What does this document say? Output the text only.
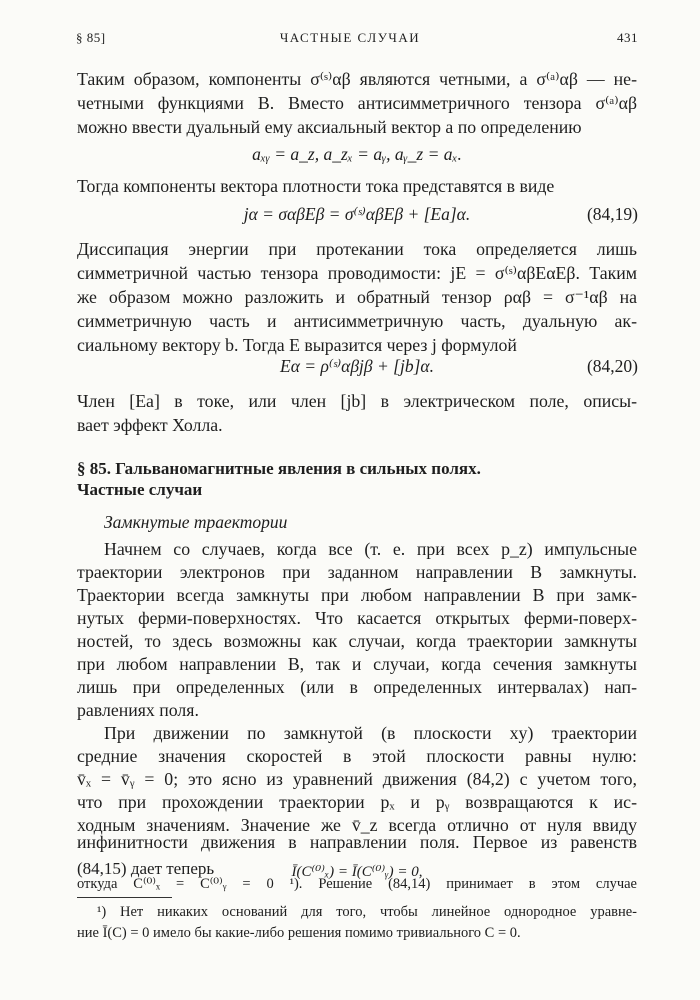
§ 85]	ЧАСТНЫЕ СЛУЧАИ	431
Таким образом, компоненты σ⁽ˢ⁾αβ являются четными, а σ⁽ᵃ⁾αβ — не-
четными функциями B. Вместо антисимметричного тензора σ⁽ᵃ⁾αβ
можно ввести дуальный ему аксиальный вектор a по определению
aₓᵧ = a_z, a_zₓ = aᵧ, aᵧ_z = aₓ.
Тогда компоненты вектора плотности тока представятся в виде
jα = σαβEβ = σ⁽ˢ⁾αβEβ + [Ea]α.	(84,19)
Диссипация энергии при протекании тока определяется лишь
симметричной частью тензора проводимости: jE = σ⁽ˢ⁾αβEαEβ. Таким
же образом можно разложить и обратный тензор ραβ = σ⁻¹αβ на
симметричную часть и антисимметричную часть, дуальную ак-
сиальному вектору b. Тогда E выразится через j формулой
Eα = ρ⁽ˢ⁾αβjβ + [jb]α.	(84,20)
Член [Ea] в токе, или член [jb] в электрическом поле, описы-
вает эффект Холла.
§ 85. Гальваномагнитные явления в сильных полях.
Частные случаи
Замкнутые траектории
Начнем со случаев, когда все (т. е. при всех p_z) импульсные
траектории электронов при заданном направлении B замкнуты.
Траектории всегда замкнуты при любом направлении B при замк-
нутых ферми-поверхностях. Что касается открытых ферми-поверх-
ностей, то здесь возможны как случаи, когда траектории замкнуты
при любом направлении B, так и случаи, когда сечения замкнуты
лишь при определенных (или в определенных интервалах) нап-
равлениях поля.
При движении по замкнутой (в плоскости xy) траектории
средние значения скоростей в этой плоскости равны нулю:
v̄ₓ = v̄ᵧ = 0; это ясно из уравнений движения (84,2) с учетом того,
что при прохождении траектории pₓ и pᵧ возвращаются к ис-
ходным значениям. Значение же v̄_z всегда отлично от нуля ввиду
инфинитности движения в направлении поля. Первое из равенств
¹) Нет никаких оснований для того, чтобы линейное однородное уравне-
ние Ī(C) = 0 имело бы какие-либо решения помимо тривиального C = 0.
(84,15) дает теперь	Ī(C⁽⁰⁾ₓ) = Ī(C⁽⁰⁾ᵧ) = 0,
откуда C⁽⁰⁾ₓ = C⁽⁰⁾ᵧ = 0 ¹). Решение (84,14) принимает в этом случае
